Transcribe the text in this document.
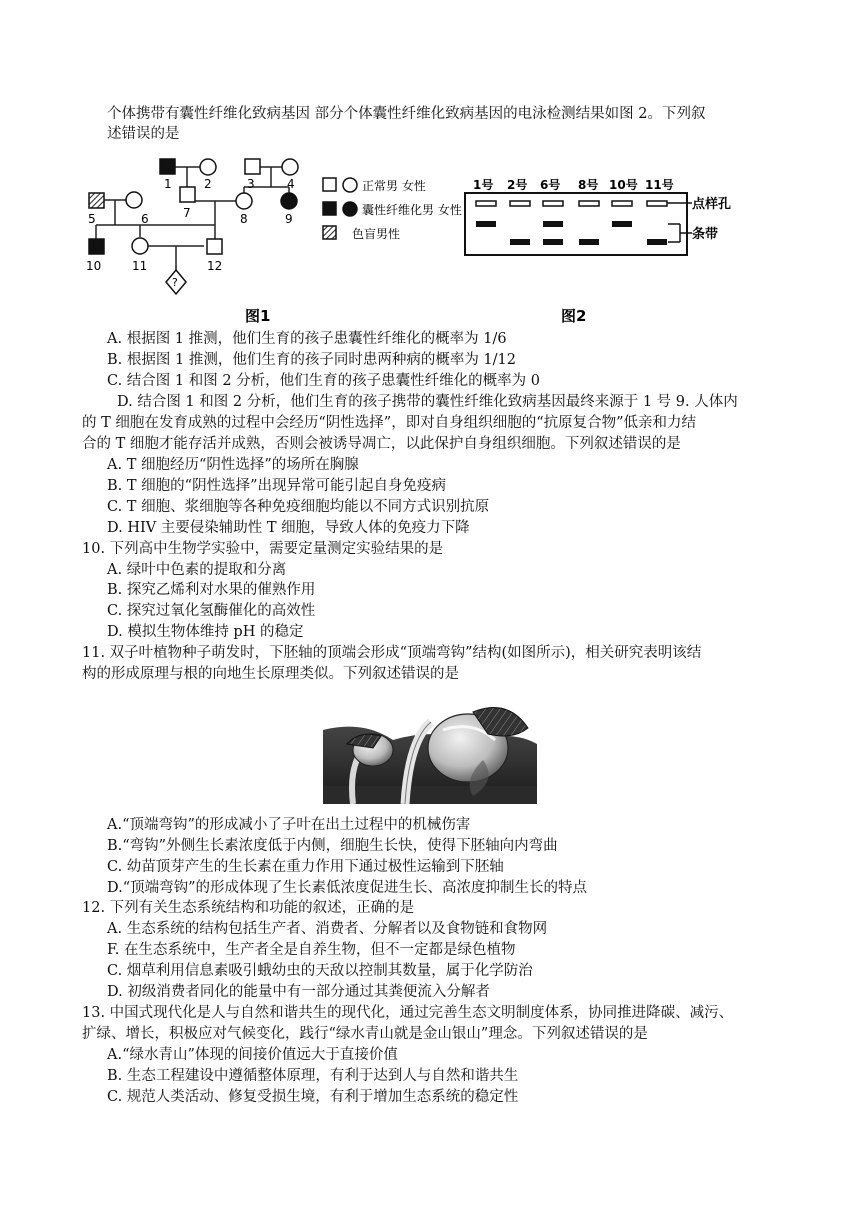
个体携带有囊性纤维化致病基因 部分个体囊性纤维化致病基因的电泳检测结果如图 2。下列叙
述错误的是
1	2	3	4
5	6	7	8	9
10	11	12
?
正常男 女性
囊性纤维化男 女性
色盲男性
图1
1号 2号 6号 8号 10号 11号
点样孔
条带
图2
A. 根据图 1 推测，他们生育的孩子患囊性纤维化的概率为 1/6
B. 根据图 1 推测，他们生育的孩子同时患两种病的概率为 1/12
C. 结合图 1 和图 2 分析，他们生育的孩子患囊性纤维化的概率为 0
D. 结合图 1 和图 2 分析，他们生育的孩子携带的囊性纤维化致病基因最终来源于 1 号 9. 人体内
的 T 细胞在发育成熟的过程中会经历“阴性选择”，即对自身组织细胞的“抗原复合物”低亲和力结
合的 T 细胞才能存活并成熟，否则会被诱导凋亡，以此保护自身组织细胞。下列叙述错误的是
A. T 细胞经历“阴性选择”的场所在胸腺
B. T 细胞的“阴性选择”出现异常可能引起自身免疫病
C. T 细胞、浆细胞等各种免疫细胞均能以不同方式识别抗原
D. HIV 主要侵染辅助性 T 细胞，导致人体的免疫力下降
10. 下列高中生物学实验中，需要定量测定实验结果的是
A. 绿叶中色素的提取和分离
B. 探究乙烯利对水果的催熟作用
C. 探究过氧化氢酶催化的高效性
D. 模拟生物体维持 pH 的稳定
11. 双子叶植物种子萌发时，下胚轴的顶端会形成“顶端弯钩”结构(如图所示)，相关研究表明该结
构的形成原理与根的向地生长原理类似。下列叙述错误的是
A.“顶端弯钩”的形成减小了子叶在出土过程中的机械伤害
B.“弯钩”外侧生长素浓度低于内侧，细胞生长快，使得下胚轴向内弯曲
C. 幼苗顶芽产生的生长素在重力作用下通过极性运输到下胚轴
D.“顶端弯钩”的形成体现了生长素低浓度促进生长、高浓度抑制生长的特点
12. 下列有关生态系统结构和功能的叙述，正确的是
A. 生态系统的结构包括生产者、消费者、分解者以及食物链和食物网
F. 在生态系统中，生产者全是自养生物，但不一定都是绿色植物
C. 烟草利用信息素吸引蛾幼虫的天敌以控制其数量，属于化学防治
D. 初级消费者同化的能量中有一部分通过其粪便流入分解者
13. 中国式现代化是人与自然和谐共生的现代化，通过完善生态文明制度体系，协同推进降碳、减污、
扩绿、增长，积极应对气候变化，践行“绿水青山就是金山银山”理念。下列叙述错误的是
A.“绿水青山”体现的间接价值远大于直接价值
B. 生态工程建设中遵循整体原理，有利于达到人与自然和谐共生
C. 规范人类活动、修复受损生境，有利于增加生态系统的稳定性
